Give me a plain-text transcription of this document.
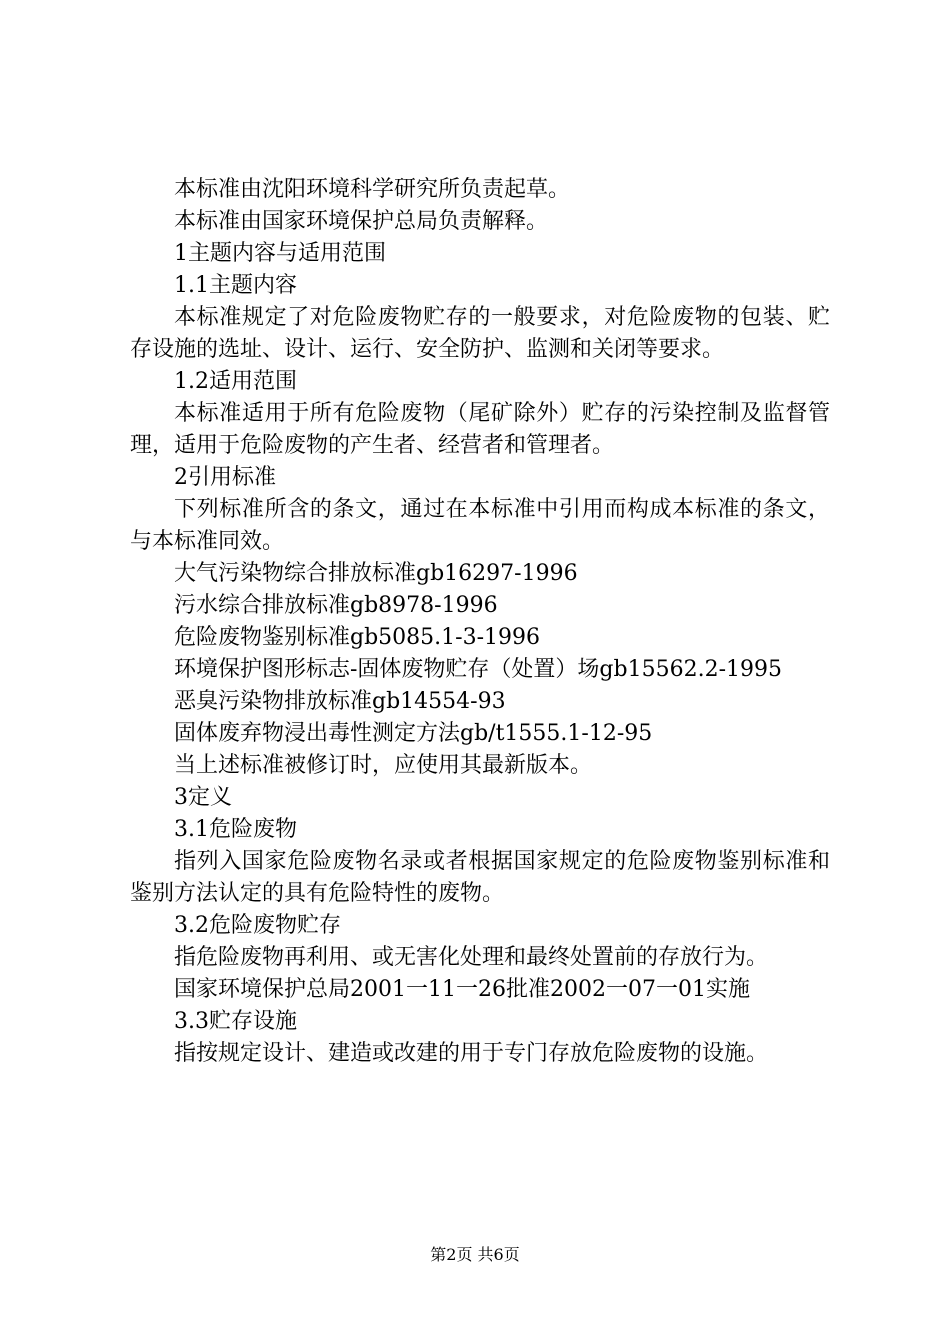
本标准由沈阳环境科学研究所负责起草。

本标准由国家环境保护总局负责解释。

1主题内容与适用范围

1.1主题内容

本标准规定了对危险废物贮存的一般要求，对危险废物的包装、贮存设施的选址、设计、运行、安全防护、监测和关闭等要求。

1.2适用范围

本标准适用于所有危险废物（尾矿除外）贮存的污染控制及监督管理，适用于危险废物的产生者、经营者和管理者。

2引用标准

下列标准所含的条文，通过在本标准中引用而构成本标准的条文，与本标准同效。

大气污染物综合排放标准gb16297-1996

污水综合排放标准gb8978-1996

危险废物鉴别标准gb5085.1-3-1996

环境保护图形标志-固体废物贮存（处置）场gb15562.2-1995

恶臭污染物排放标准gb14554-93

固体废弃物浸出毒性测定方法gb/t1555.1-12-95

当上述标准被修订时，应使用其最新版本。

3定义

3.1危险废物

指列入国家危险废物名录或者根据国家规定的危险废物鉴别标准和鉴别方法认定的具有危险特性的废物。

3.2危险废物贮存

指危险废物再利用、或无害化处理和最终处置前的存放行为。

国家环境保护总局2001一11一26批准2002一07一01实施

3.3贮存设施

指按规定设计、建造或改建的用于专门存放危险废物的设施。

第2页 共6页
